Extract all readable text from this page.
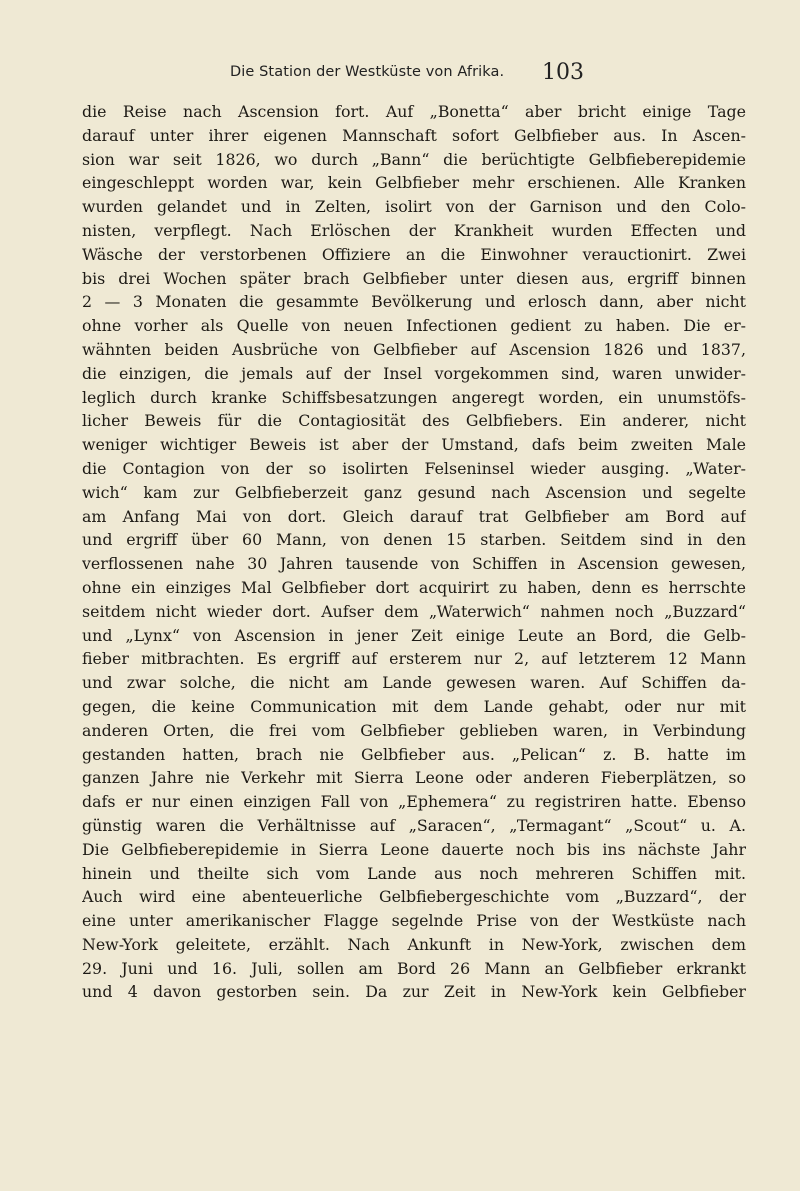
Die Station der Westküste von Afrika. 103
die Reise nach Ascension fort. Auf „Bonetta“ aber bricht einige Tage
darauf unter ihrer eigenen Mannschaft sofort Gelbfieber aus. In Ascen-
sion war seit 1826, wo durch „Bann“ die berüchtigte Gelbfieberepidemie
eingeschleppt worden war, kein Gelbfieber mehr erschienen. Alle Kranken
wurden gelandet und in Zelten, isolirt von der Garnison und den Colo-
nisten, verpflegt. Nach Erlöschen der Krankheit wurden Effecten und
Wäsche der verstorbenen Offiziere an die Einwohner verauctionirt. Zwei
bis drei Wochen später brach Gelbfieber unter diesen aus, ergriff binnen
2 — 3 Monaten die gesammte Bevölkerung und erlosch dann, aber nicht
ohne vorher als Quelle von neuen Infectionen gedient zu haben. Die er-
wähnten beiden Ausbrüche von Gelbfieber auf Ascension 1826 und 1837,
die einzigen, die jemals auf der Insel vorgekommen sind, waren unwider-
leglich durch kranke Schiffsbesatzungen angeregt worden, ein unumstöfs-
licher Beweis für die Contagiosität des Gelbfiebers. Ein anderer, nicht
weniger wichtiger Beweis ist aber der Umstand, dafs beim zweiten Male
die Contagion von der so isolirten Felseninsel wieder ausging. „Water-
wich“ kam zur Gelbfieberzeit ganz gesund nach Ascension und segelte
am Anfang Mai von dort. Gleich darauf trat Gelbfieber am Bord auf
und ergriff über 60 Mann, von denen 15 starben. Seitdem sind in den
verflossenen nahe 30 Jahren tausende von Schiffen in Ascension gewesen,
ohne ein einziges Mal Gelbfieber dort acquirirt zu haben, denn es herrschte
seitdem nicht wieder dort. Aufser dem „Waterwich“ nahmen noch „Buzzard“
und „Lynx“ von Ascension in jener Zeit einige Leute an Bord, die Gelb-
fieber mitbrachten. Es ergriff auf ersterem nur 2, auf letzterem 12 Mann
und zwar solche, die nicht am Lande gewesen waren. Auf Schiffen da-
gegen, die keine Communication mit dem Lande gehabt, oder nur mit
anderen Orten, die frei vom Gelbfieber geblieben waren, in Verbindung
gestanden hatten, brach nie Gelbfieber aus. „Pelican“ z. B. hatte im
ganzen Jahre nie Verkehr mit Sierra Leone oder anderen Fieberplätzen, so
dafs er nur einen einzigen Fall von „Ephemera“ zu registriren hatte. Ebenso
günstig waren die Verhältnisse auf „Saracen“, „Termagant“ „Scout“ u. A.
Die Gelbfieberepidemie in Sierra Leone dauerte noch bis ins nächste Jahr
hinein und theilte sich vom Lande aus noch mehreren Schiffen mit.
Auch wird eine abenteuerliche Gelbfiebergeschichte vom „Buzzard“, der
eine unter amerikanischer Flagge segelnde Prise von der Westküste nach
New-York geleitete, erzählt. Nach Ankunft in New-York, zwischen dem
29. Juni und 16. Juli, sollen am Bord 26 Mann an Gelbfieber erkrankt
und 4 davon gestorben sein. Da zur Zeit in New-York kein Gelbfieber
